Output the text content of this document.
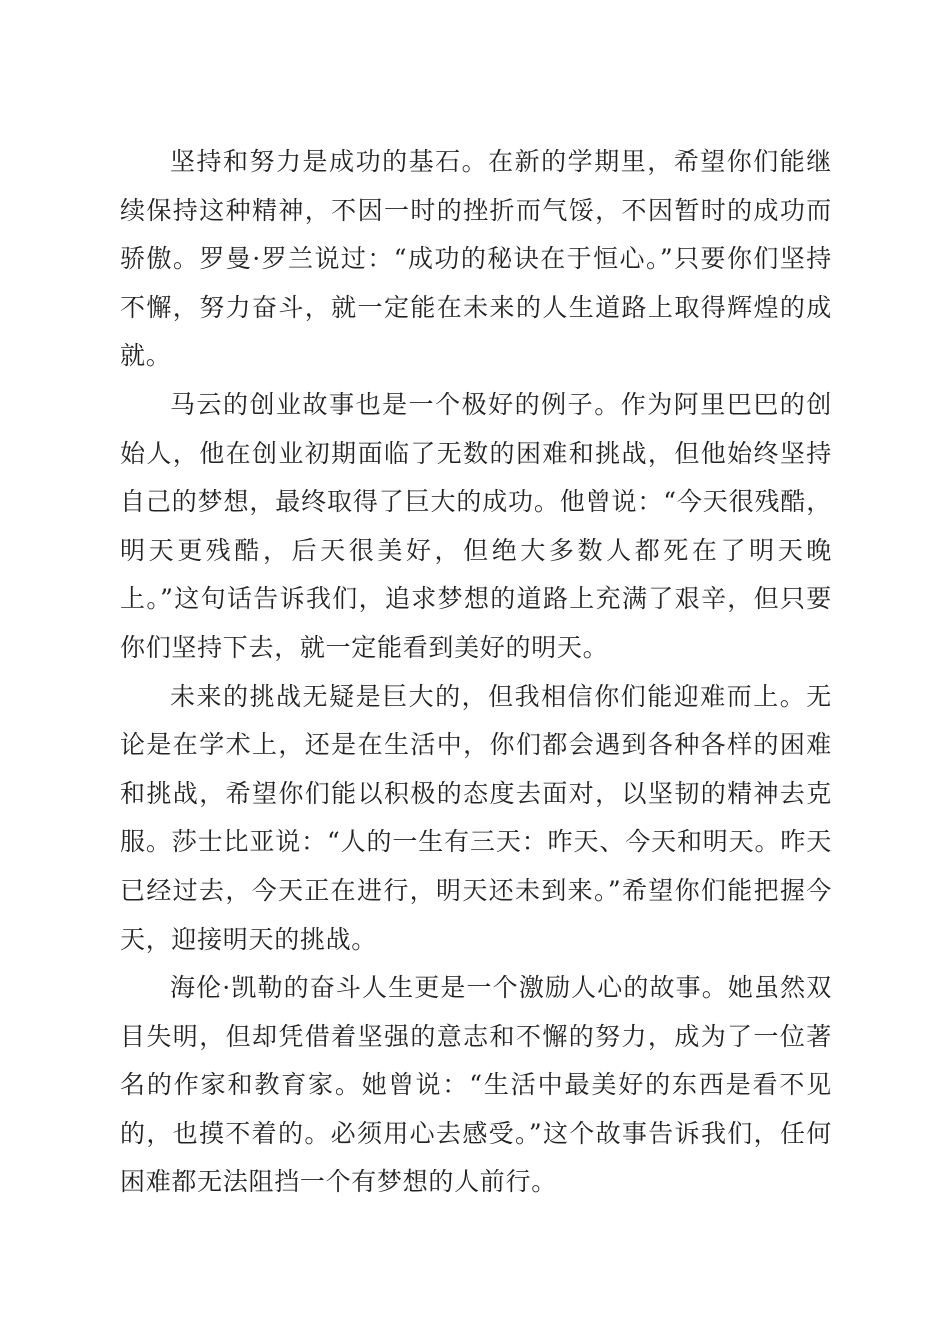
坚持和努力是成功的基石。在新的学期里，希望你们能继续保持这种精神，不因一时的挫折而气馁，不因暂时的成功而骄傲。罗曼·罗兰说过：“成功的秘诀在于恒心。”只要你们坚持不懈，努力奋斗，就一定能在未来的人生道路上取得辉煌的成就。

马云的创业故事也是一个极好的例子。作为阿里巴巴的创始人，他在创业初期面临了无数的困难和挑战，但他始终坚持自己的梦想，最终取得了巨大的成功。他曾说：“今天很残酷，明天更残酷，后天很美好，但绝大多数人都死在了明天晚上。”这句话告诉我们，追求梦想的道路上充满了艰辛，但只要你们坚持下去，就一定能看到美好的明天。

未来的挑战无疑是巨大的，但我相信你们能迎难而上。无论是在学术上，还是在生活中，你们都会遇到各种各样的困难和挑战，希望你们能以积极的态度去面对，以坚韧的精神去克服。莎士比亚说：“人的一生有三天：昨天、今天和明天。昨天已经过去，今天正在进行，明天还未到来。”希望你们能把握今天，迎接明天的挑战。

海伦·凯勒的奋斗人生更是一个激励人心的故事。她虽然双目失明，但却凭借着坚强的意志和不懈的努力，成为了一位著名的作家和教育家。她曾说：“生活中最美好的东西是看不见的，也摸不着的。必须用心去感受。”这个故事告诉我们，任何困难都无法阻挡一个有梦想的人前行。
